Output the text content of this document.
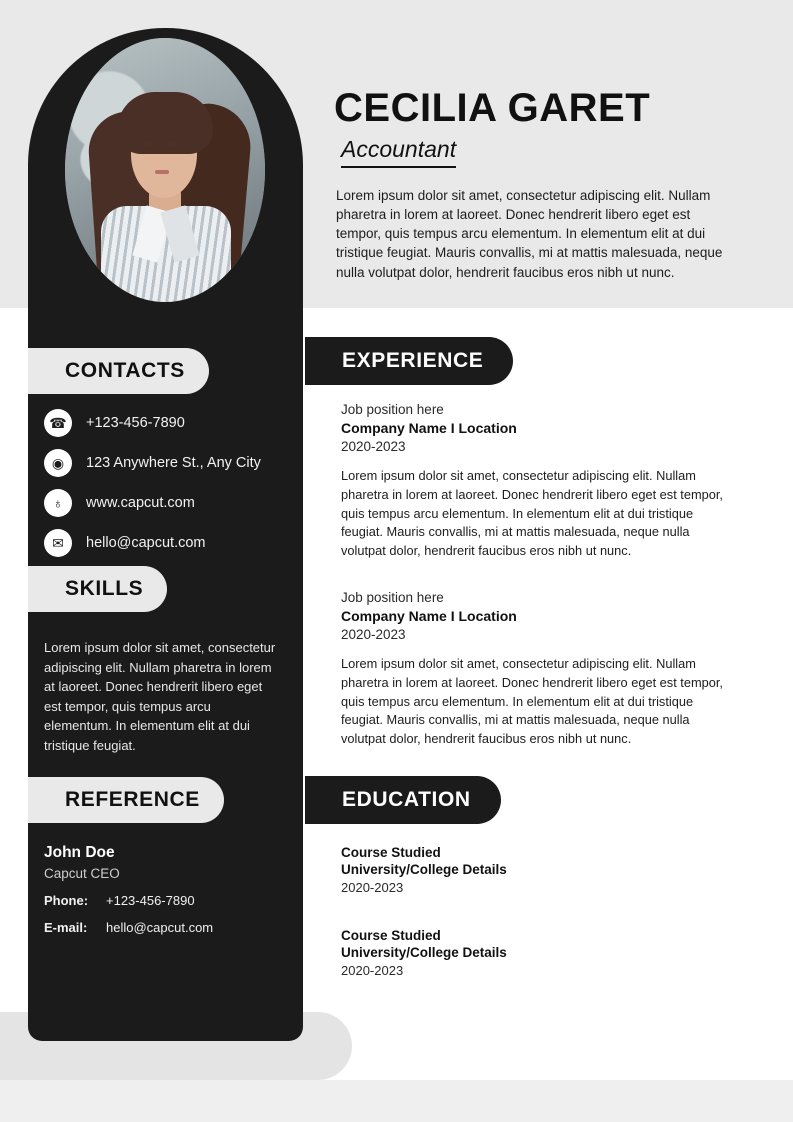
CONTACTS
☎	+123-456-7890
◉	123 Anywhere St., Any City
♁	www.capcut.com
✉	hello@capcut.com
SKILLS
Lorem ipsum dolor sit amet, consectetur adipiscing elit. Nullam pharetra in lorem at laoreet. Donec hendrerit libero eget est tempor, quis tempus arcu elementum. In elementum elit at dui tristique feugiat.
REFERENCE
John Doe
Capcut CEO
Phone:	+123-456-7890
E-mail:	hello@capcut.com
CECILIA GARET
Accountant
Lorem ipsum dolor sit amet, consectetur adipiscing elit. Nullam pharetra in lorem at laoreet. Donec hendrerit libero eget est tempor, quis tempus arcu elementum. In elementum elit at dui tristique feugiat. Mauris convallis, mi at mattis malesuada, neque nulla volutpat dolor, hendrerit faucibus eros nibh ut nunc.
EXPERIENCE
Job position here
Company Name I Location
2020-2023
Lorem ipsum dolor sit amet, consectetur adipiscing elit. Nullam pharetra in lorem at laoreet. Donec hendrerit libero eget est tempor, quis tempus arcu elementum. In elementum elit at dui tristique feugiat. Mauris convallis, mi at mattis malesuada, neque nulla volutpat dolor, hendrerit faucibus eros nibh ut nunc.
Job position here
Company Name I Location
2020-2023
Lorem ipsum dolor sit amet, consectetur adipiscing elit. Nullam pharetra in lorem at laoreet. Donec hendrerit libero eget est tempor, quis tempus arcu elementum. In elementum elit at dui tristique feugiat. Mauris convallis, mi at mattis malesuada, neque nulla volutpat dolor, hendrerit faucibus eros nibh ut nunc.
EDUCATION
Course Studied
University/College Details
2020-2023
Course Studied
University/College Details
2020-2023
